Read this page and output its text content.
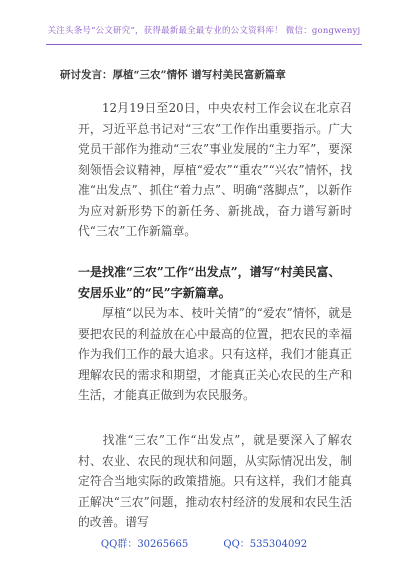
关注头条号“公文研究”，获得最新最全最专业的公文资料库！ 微信：gongwenyj
研讨发言：厚植“三农”情怀 谱写村美民富新篇章
12月19日至20日，中央农村工作会议在北京召开，习近平总书记对“三农”工作作出重要指示。广大党员干部作为推动“三农”事业发展的“主力军”，要深刻领悟会议精神，厚植“爱农”“重农”“兴农”情怀，找准“出发点”、抓住“着力点”、明确“落脚点”，以新作为应对新形势下的新任务、新挑战，奋力谱写新时代“三农”工作新篇章。
一是找准“三农”工作“出发点”，谱写“村美民富、安居乐业”的“民”字新篇章。
厚植“以民为本、枝叶关情”的“爱农”情怀，就是要把农民的利益放在心中最高的位置，把农民的幸福作为我们工作的最大追求。只有这样，我们才能真正理解农民的需求和期望，才能真正关心农民的生产和生活，才能真正做到为农民服务。
找准“三农”工作“出发点”，就是要深入了解农村、农业、农民的现状和问题，从实际情况出发，制定符合当地实际的政策措施。只有这样，我们才能真正解决“三农”问题，推动农村经济的发展和农民生活的改善。谱写
QQ群：30265665	QQ：535304092
